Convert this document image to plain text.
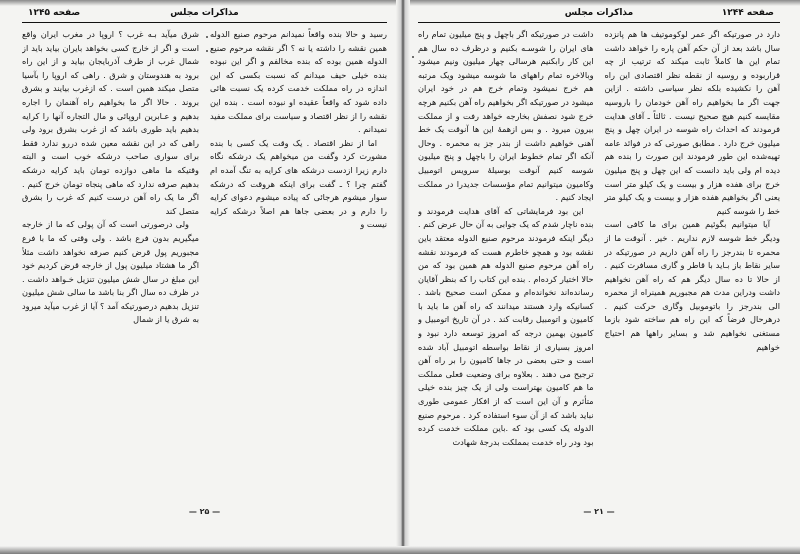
مذاکرات مجلس
صفحه ۱۲۴۵

رسید و حالا بنده واقعاً نمیدانم مرحوم صنیع الدوله همین نقشه را داشته یا نه ؟ اگر نقشه مرحوم صنیع الدوله همین بوده که بنده مخالفم و اگر این نبوده بنده خیلی حیف میدانم که نسبت بکسی که این اندازه در راه مملکت خدمت کرده یک نسبت هائی داده شود که واقعاً عقیده او نبوده است . بنده این نقشه را از نظر اقتصاد و سیاست برای مملکت مفید نمیدانم .

اما از نظر اقتصاد . یک وقت یک کسی با بنده مشورت کرد وگفت من میخواهم یک درشکه نگاه دارم زیرا ازدست درشکه های کرایه به تنگ آمده ام گفتم چرا ؟ ـ گفت برای اینکه هروقت که درشکه سوار میشوم هرجائی که پیاده میشوم دعوای کرایه را دارم و در بعضی جاها هم اصلاً درشکه کرایه نیست و

شرق میآید بـه غرب ؟ اروپا در مغرب ایران واقع است و اگر از خارج کسی بخواهد بایران بیاید باید از شمال غرب از طرف آذربایجان بیاید و از این راه برود به هندوستان و شرق . راهی که اروپا را بآسیا متصل میکند همین است . که ازغرب بیایند و بشرق بروند . حالا اگر ما بخواهیم راه آهنمان را اجاره بدهیم و عـابرین اروپائی و مال التجاره آنها را کرایه بدهیم باید طوری باشد که از غرب بشرق برود ولی راهی که در این نقشه معین شده دررو ندارد فقط برای سواری صاحب درشکه خوب است و البته وقتیکه ما ماهی دوازده تومان باید کرایه درشکه بدهیم صرفه ندارد که ماهی پنجاه تومان خرج کنیم . اگر ما یک راه آهن درست کنیم که غرب را بشرق متصل کند

ولی درصورتی است که آن پولی که ما از خارجه میگیریم بدون فرع باشد . ولی وقتی که ما با فرع مجبوریم پول قرض کنیم صرفه نخواهد داشت مثلاً اگر ما هشتاد میلیون پول از خارجه قرض کردیم خود این مبلغ در سال شش میلیون تنزیل خـواهد داشت . در ظرف ده سال اگر بنا باشد ما سالی شش میلیون تنزیل بدهیم درصورتیکه آمد ؟ آیا از غرب میآید میرود به شرق یا از شمال

— ۲۵ —
مذاکرات مجلس	صفحه ۱۲۴۴

دارد در صورتیکه اگر عمر لوکوموتیف ها هم پانزده سال باشد بعد از آن حکم آهن پاره را خواهد داشت تمام این ها کاملاً ثابت میکند که ترتیب از چه قراربوده و روسیه از نقطه نظر اقتصادی این راه آهن را نکشیده بلکه نظر سیاسی داشته . ازاین جهت اگر ما بخواهیم راه آهن خودمان را باروسیه مقایسه کنیم هیچ صحیح نیست . ثالثاً ـ آقای هدایت فرمودند که احداث راه شوسه در ایران چهل و پنج میلیون خرج دارد . مطابق صورتی که در فوائد عامه تهیه‌شده این طور فرمودند این صورت را بنده هم دیده ام ولی باید دانست که این چهل و پنج میلیون خرج برای هفده هزار و بیست و یک کیلو متر است یعنی اگر بخواهیم هفده هزار و بیست و یک کیلو متر خط را شوسه کنیم

آیا میتوانیم بگوئیم همین برای ما کافی است ودیگر خط شوسه لازم نداریم . خیر . آنوقت ما از محمره تا بندرجز را راه آهن داریم در صورتیکه در سایر نقاط باز بـاید با قاطر و گاری مسافرت کنیم . از حالا تا ده سال دیگر هم که راه آهن نخواهیم داشت ودراین مدت هم مجبوریم همینراه از محمره الی بندرجز را باتوموبیل وگاری حرکت کنیم . درهرحال فرضاً که این راه هم ساخته شود بازما مستغنی نخواهیم شد و بسایر راهها هم احتیاج خواهیم

داشت در صورتیکه اگر باچهل و پنج میلیون تمام راه های ایران را شوسـه بکنیم و درظرف ده سال هم این کار رابکنیم هرسالی چهار میلیون ونیم میشود وبالاخره تمام راههای ما شوسه میشود ویک مرتبه هم خرج نمیشود وتمام خرج هم در خود ایران میشود در صورتیکه اگر بخواهیم راه آهن بکنیم هرچه خرج شود نصفش بخارجه خواهد رفت و از مملکت بیرون میرود . و بس ازهمهٔ این ها آنوقت یک خط آهنی خواهیم داشت از بندر جز به محمره . وحال آنکه اگر تمام خطوط ایران را باچهل و پنج میلیون شوسه کنیم آنوقت بوسیلهٔ سرویس اتومبیل وکامیون میتوانیم تمام مؤسسات جدیدرا در مملکت ایجاد کنیم .

این بود فرمایشاتی که آقای هدایت فرمودند و بنده ناچار شدم که یک جوابی به آن حال عرض کنم . دیگر اینکه فرمودند مرحوم صنیع الدوله معتقد باین نقشه بود و همچو خاطرم هست که فرمودند نقشه راه آهن مرحوم صنیع الدوله هم همین بود که من حالا اختیار کرده‌ام . بنده این کتاب را که بنظر آقایان رسانده‌اند نخوانده‌ام و ممکن است صحیح باشد . کسانیکه وارد هستند میدانند که راه آهن ما باید با کامیون و اتومبیل رقابت کند . در آن تاریخ اتومبیل و کامیون بهمین درجه که امروز توسعه دارد نبود و امروز بسیاری از نقاط بواسطه اتومبیل آباد شده است و حتی بعضی در جاها کامیون را بر راه آهن ترجیح می دهند . بعلاوه برای وضعیت فعلی مملکت ما هم کامیون بهتراست ولی از یک چیز بنده خیلی متأثرم و آن این است که از افکار عمومی طوری نباید باشد که از آن سوء استفاده کرد . مرحوم صنیع الدوله یک کسی بود که .باین مملکت خدمت کرده بود ودر راه خدمت بمملکت بدرجهٔ شهادت

— ۲۱ —
